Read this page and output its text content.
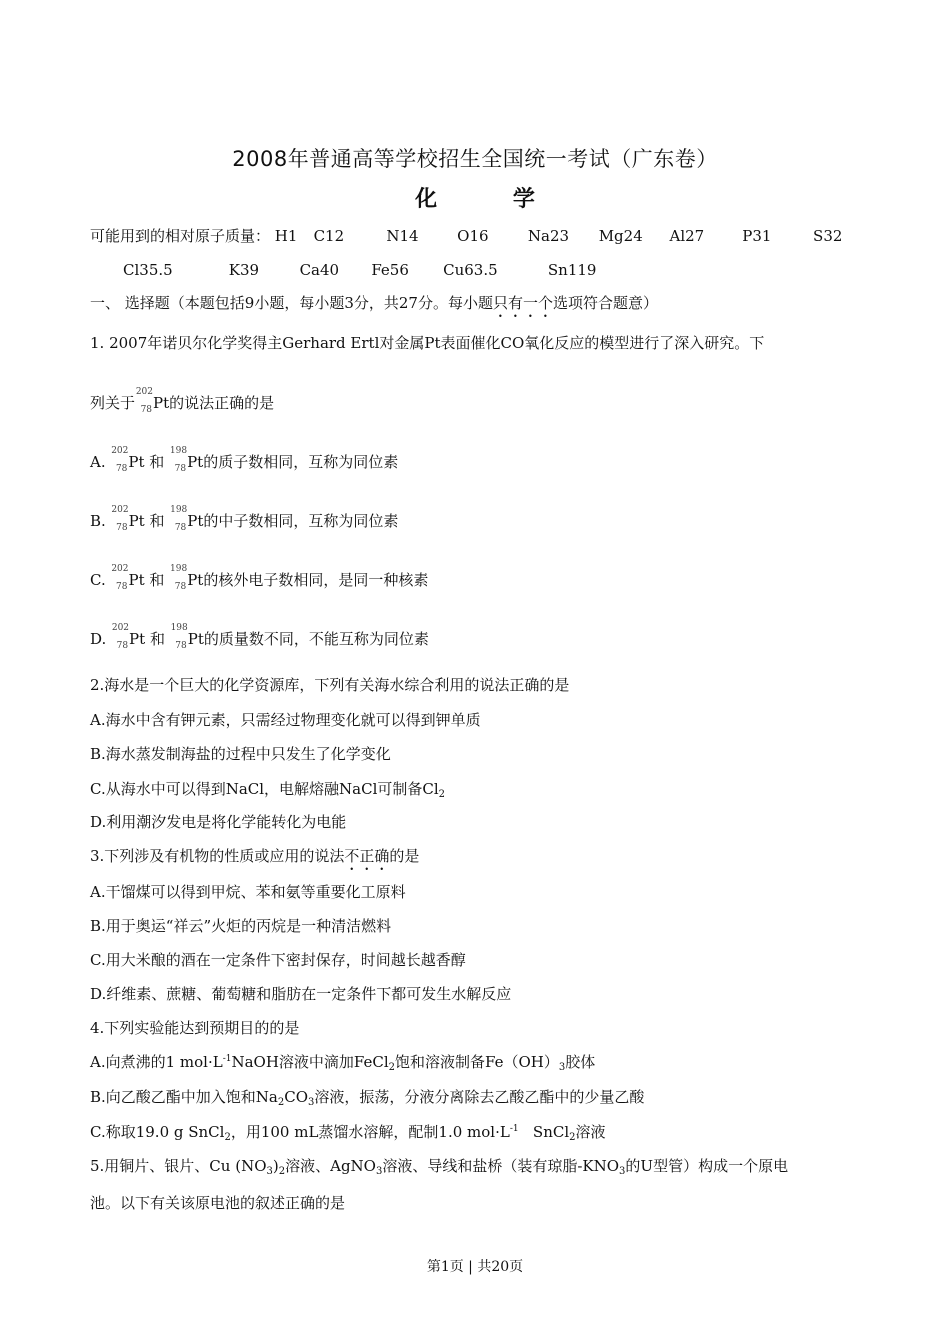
2008年普通高等学校招生全国统一考试（广东卷）
化 学
可能用到的相对原子质量： H1 C12	N14	O16	Na23 Mg24 Al27	P31	S32
Cl35.5	K39	Ca40 Fe56 Cu63.5	Sn119
一、 选择题（本题包括9小题，每小题3分，共27分。每小题只有一个选项符合题意）
1. 2007年诺贝尔化学奖得主Gerhard Ertl对金属Pt表面催化CO氧化反应的模型进行了深入研究。下
列关于
202
78 Pt的说法正确的是
A.
202
78 Pt 和
198
78 Pt的质子数相同，互称为同位素
B.
202
78 Pt 和
198
78 Pt的中子数相同，互称为同位素
C.
202
78 Pt 和
198
78 Pt的核外电子数相同，是同一种核素
D.
202
78 Pt 和
198
78 Pt的质量数不同，不能互称为同位素
2.海水是一个巨大的化学资源库，下列有关海水综合利用的说法正确的是
A.海水中含有钾元素，只需经过物理变化就可以得到钾单质
B.海水蒸发制海盐的过程中只发生了化学变化
C.从海水中可以得到NaCl，电解熔融NaCl可制备$Cl_2$
D.利用潮汐发电是将化学能转化为电能
3.下列涉及有机物的性质或应用的说法不正确的是
A.干馏煤可以得到甲烷、苯和氨等重要化工原料
B.用于奥运“祥云”火炬的丙烷是一种清洁燃料
C.用大米酿的酒在一定条件下密封保存，时间越长越香醇
D.纤维素、蔗糖、葡萄糖和脂肪在一定条件下都可发生水解反应
4.下列实验能达到预期目的的是
A.向煮沸的1 $mol\cdot L^{-1}NaOH$溶液中滴加FeCl$_2$饱和溶液制备$Fe(OH)_3$胶体
B.向乙酸乙酯中加入饱和$Na_2CO_3$溶液，振荡，分液分离除去乙酸乙酯中的少量乙酸
C.称取19.0 g SnCl$_2$，用100 mL蒸馏水溶解，配制1.0 $mol\cdot L^{-1}$   SnCl$_2$溶液
5.用铜片、银片、Cu $(NO_3)_2$溶液、AgNO$_3$溶液、导线和盐桥（装有琼脂$-KNO_3$的U型管）构成一个原电
池。以下有关该原电池的叙述正确的是
第1页 | 共20页
